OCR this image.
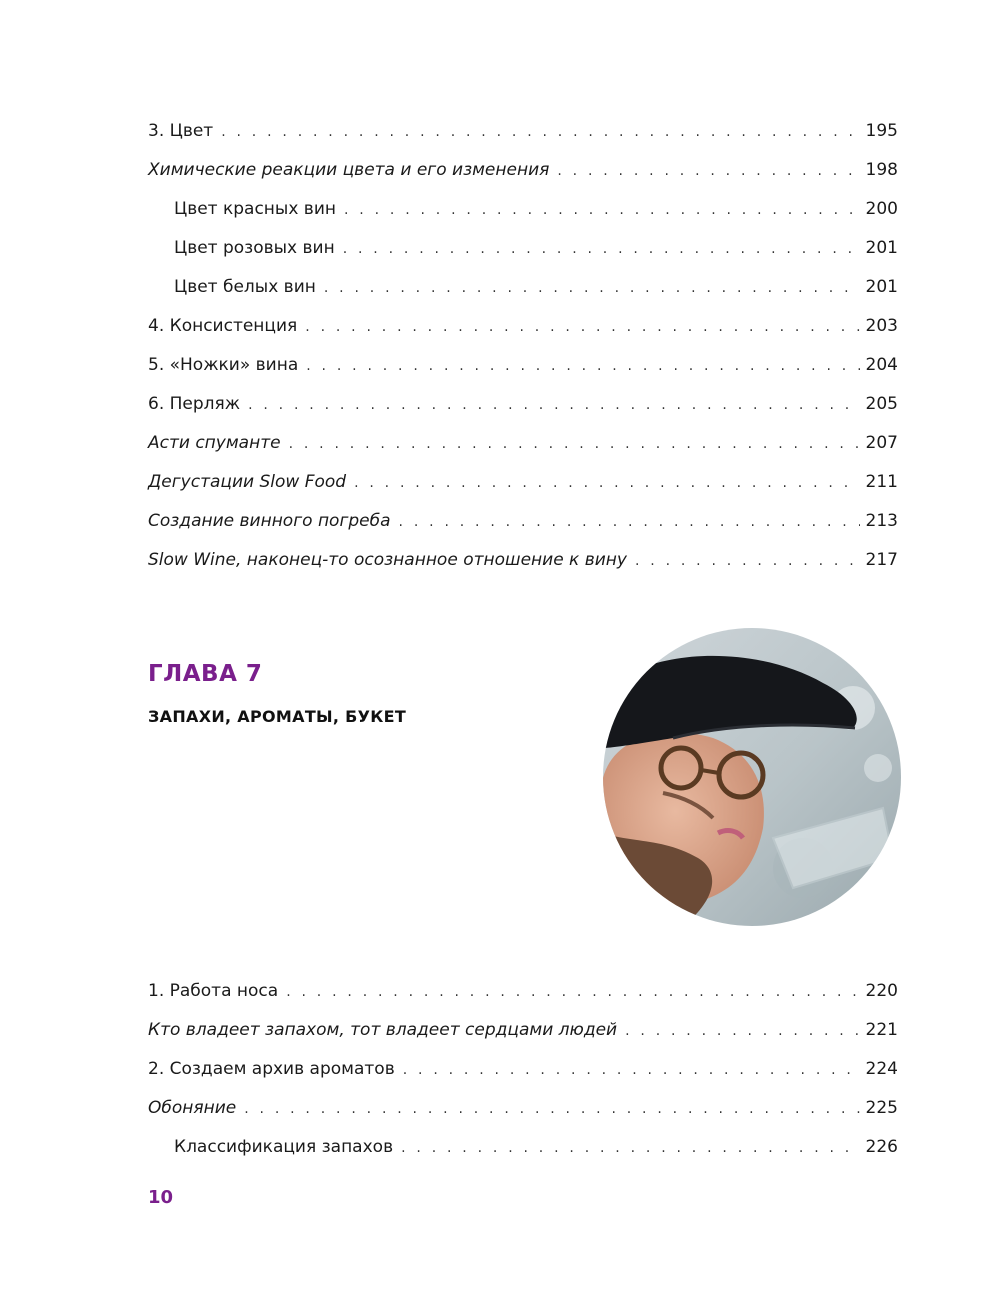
3. Цвет . . .	195
Химические реакции цвета и его изменения . . .	198
Цвет красных вин . . .	200
Цвет розовых вин . . .	201
Цвет белых вин . . .	201
4. Консистенция . . .	203
5. «Ножки» вина . . .	204
6. Перляж . . .	205
Асти спуманте . . .	207
Дегустации Slow Food . . .	211
Создание винного погреба . . .	213
Slow Wine, наконец-то осознанное отношение к вину . . .	217
ГЛАВА 7
ЗАПАХИ, АРОМАТЫ, БУКЕТ
1. Работа носа . . .	220
Кто владеет запахом, тот владеет сердцами людей . . .	221
2. Создаем архив ароматов . . .	224
Обоняние . . .	225
Классификация запахов . . .	226
10
